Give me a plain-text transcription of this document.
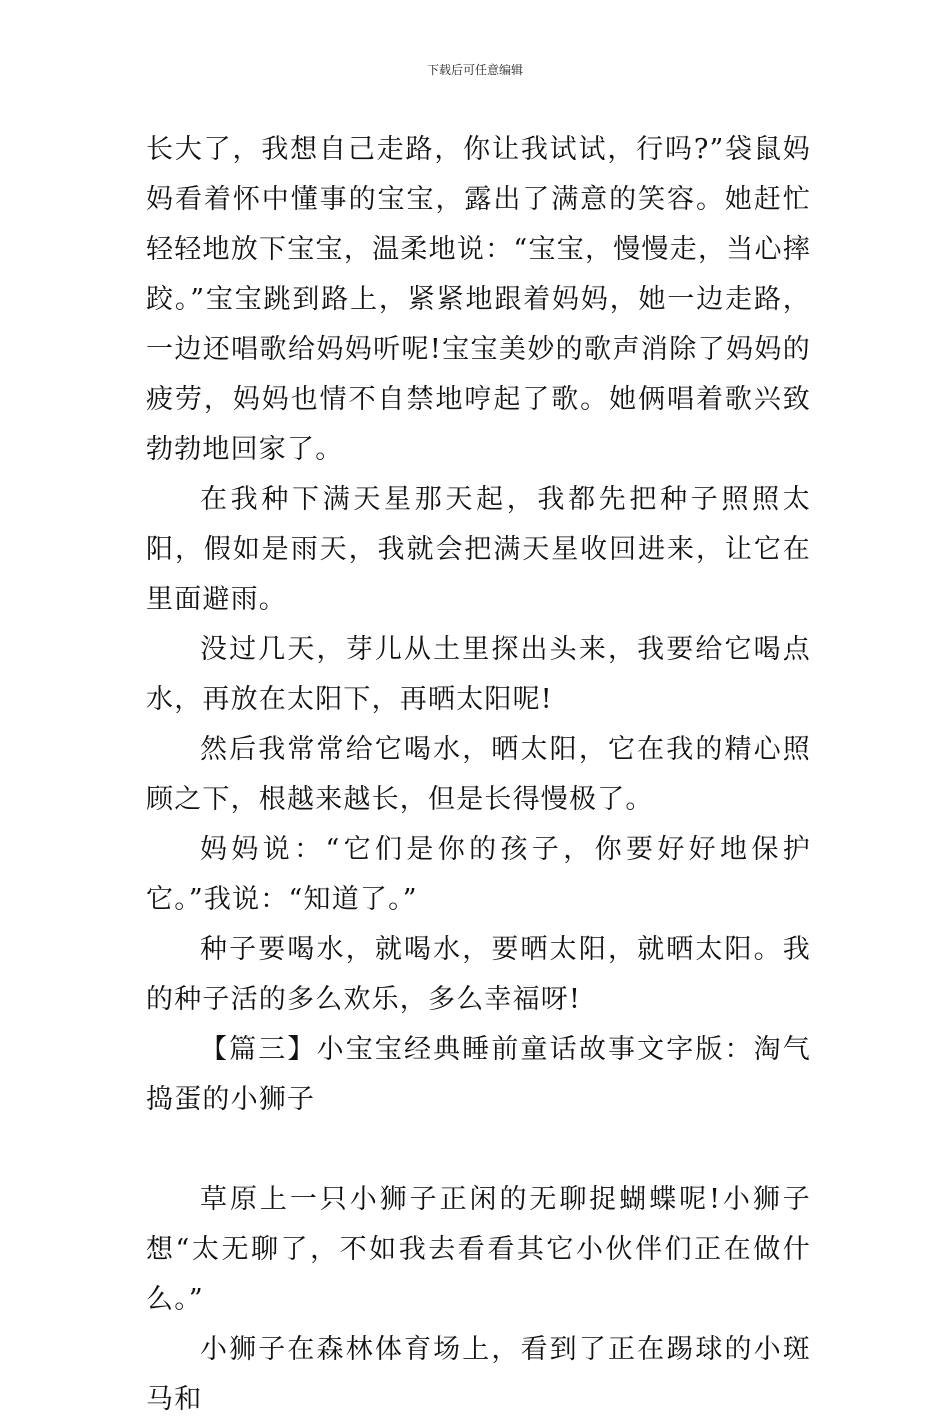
下载后可任意编辑

长大了，我想自己走路，你让我试试，行吗?”袋鼠妈妈看着怀中懂事的宝宝，露出了满意的笑容。她赶忙轻轻地放下宝宝，温柔地说：“宝宝，慢慢走，当心摔跤。”宝宝跳到路上，紧紧地跟着妈妈，她一边走路，一边还唱歌给妈妈听呢!宝宝美妙的歌声消除了妈妈的疲劳，妈妈也情不自禁地哼起了歌。她俩唱着歌兴致勃勃地回家了。

在我种下满天星那天起，我都先把种子照照太阳，假如是雨天，我就会把满天星收回进来，让它在里面避雨。

没过几天，芽儿从土里探出头来，我要给它喝点水，再放在太阳下，再晒太阳呢!

然后我常常给它喝水，晒太阳，它在我的精心照顾之下，根越来越长，但是长得慢极了。

妈妈说：“它们是你的孩子，你要好好地保护它。”我说：“知道了。”

种子要喝水，就喝水，要晒太阳，就晒太阳。我的种子活的多么欢乐，多么幸福呀!

【篇三】小宝宝经典睡前童话故事文字版：淘气捣蛋的小狮子

草原上一只小狮子正闲的无聊捉蝴蝶呢!小狮子想“太无聊了，不如我去看看其它小伙伴们正在做什么。”

小狮子在森林体育场上，看到了正在踢球的小斑马和
